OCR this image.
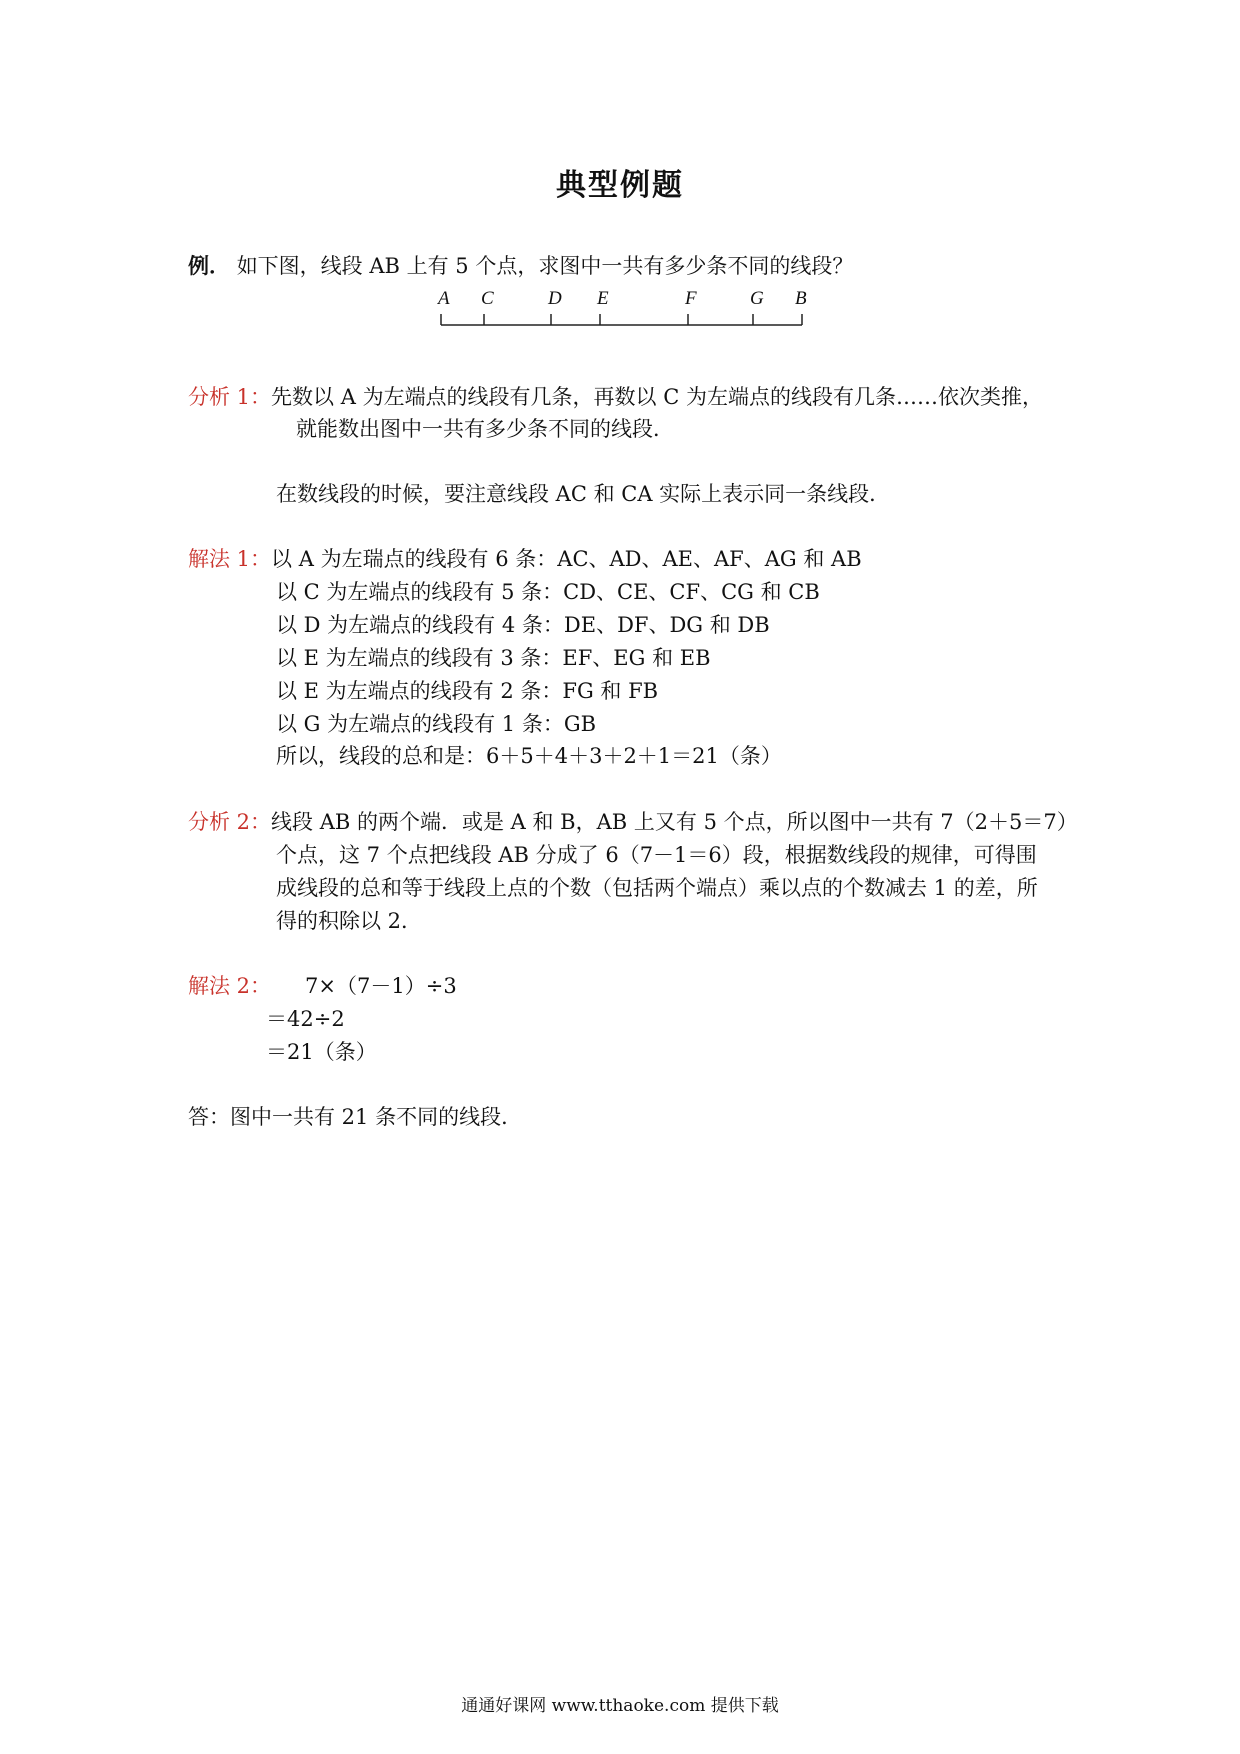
典型例题
例． 如下图，线段 AB 上有 5 个点，求图中一共有多少条不同的线段？
A C	D E	F	G B
分析 1：先数以 A 为左端点的线段有几条，再数以 C 为左端点的线段有几条……依次类推，
就能数出图中一共有多少条不同的线段．
在数线段的时候，要注意线段 AC 和 CA 实际上表示同一条线段．
解法 1：以 A 为左瑞点的线段有 6 条：AC、AD、AE、AF、AG 和 AB
以 C 为左端点的线段有 5 条：CD、CE、CF、CG 和 CB
以 D 为左端点的线段有 4 条：DE、DF、DG 和 DB
以 E 为左端点的线段有 3 条：EF、EG 和 EB
以 E 为左端点的线段有 2 条：FG 和 FB
以 G 为左端点的线段有 1 条：GB
所以，线段的总和是：6＋5＋4＋3＋2＋1＝21（条）
分析 2：线段 AB 的两个端．或是 A 和 B，AB 上又有 5 个点，所以图中一共有 7（2＋5＝7）
个点，这 7 个点把线段 AB 分成了 6（7－1＝6）段，根据数线段的规律，可得围
成线段的总和等于线段上点的个数（包括两个端点）乘以点的个数减去 1 的差，所
得的积除以 2．
解法 2： 7×（7－1）÷3
＝42÷2
＝21（条）
答：图中一共有 21 条不同的线段．
通通好课网 www.tthaoke.com 提供下载
